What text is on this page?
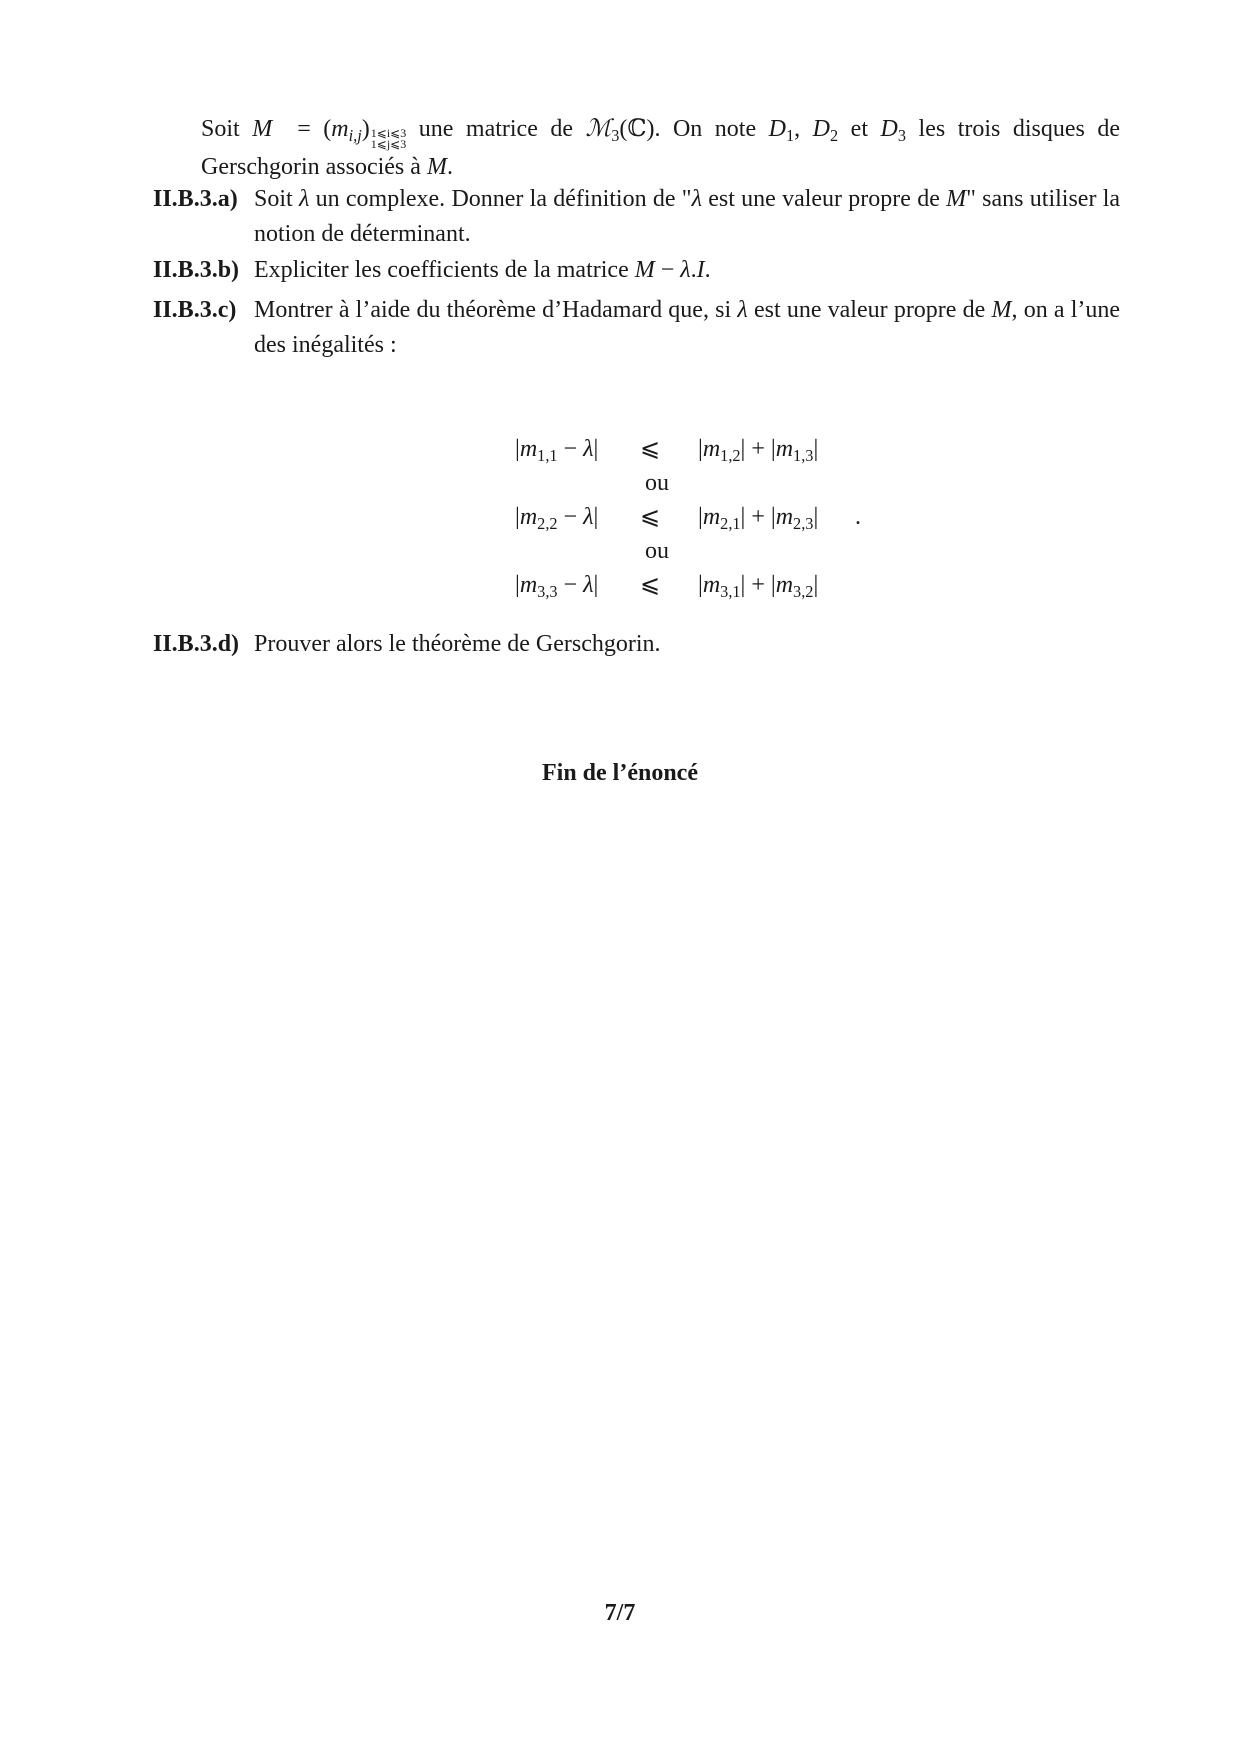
Soit $M = (m_{i,j})$ 1⩽i⩽3
1⩽j⩽3
une matrice de ℳ$_3$(ℂ). On note $D_1$, $D_2$ et $D_3$ les trois disques de Gerschgorin associés à M.
II.B.3.a) Soit λ un complexe. Donner la définition de "λ est une valeur propre de M" sans utiliser la notion de déterminant.
II.B.3.b) Expliciter les coefficients de la matrice M − λ.I.
II.B.3.c) Montrer à l’aide du théorème d’Hadamard que, si λ est une valeur propre de M, on a l’une des inégalités :
$|m_{1,1} - \lambda|$ ⩽ $|m_{1,2}| + |m_{1,3}|$
ou
$|m_{2,2} - \lambda|$ ⩽ $|m_{2,1}| + |m_{2,3}|$ .
ou
$|m_{3,3} - \lambda|$ ⩽ $|m_{3,1}| + |m_{3,2}|$
II.B.3.d) Prouver alors le théorème de Gerschgorin.
Fin de l’énoncé
7/7
